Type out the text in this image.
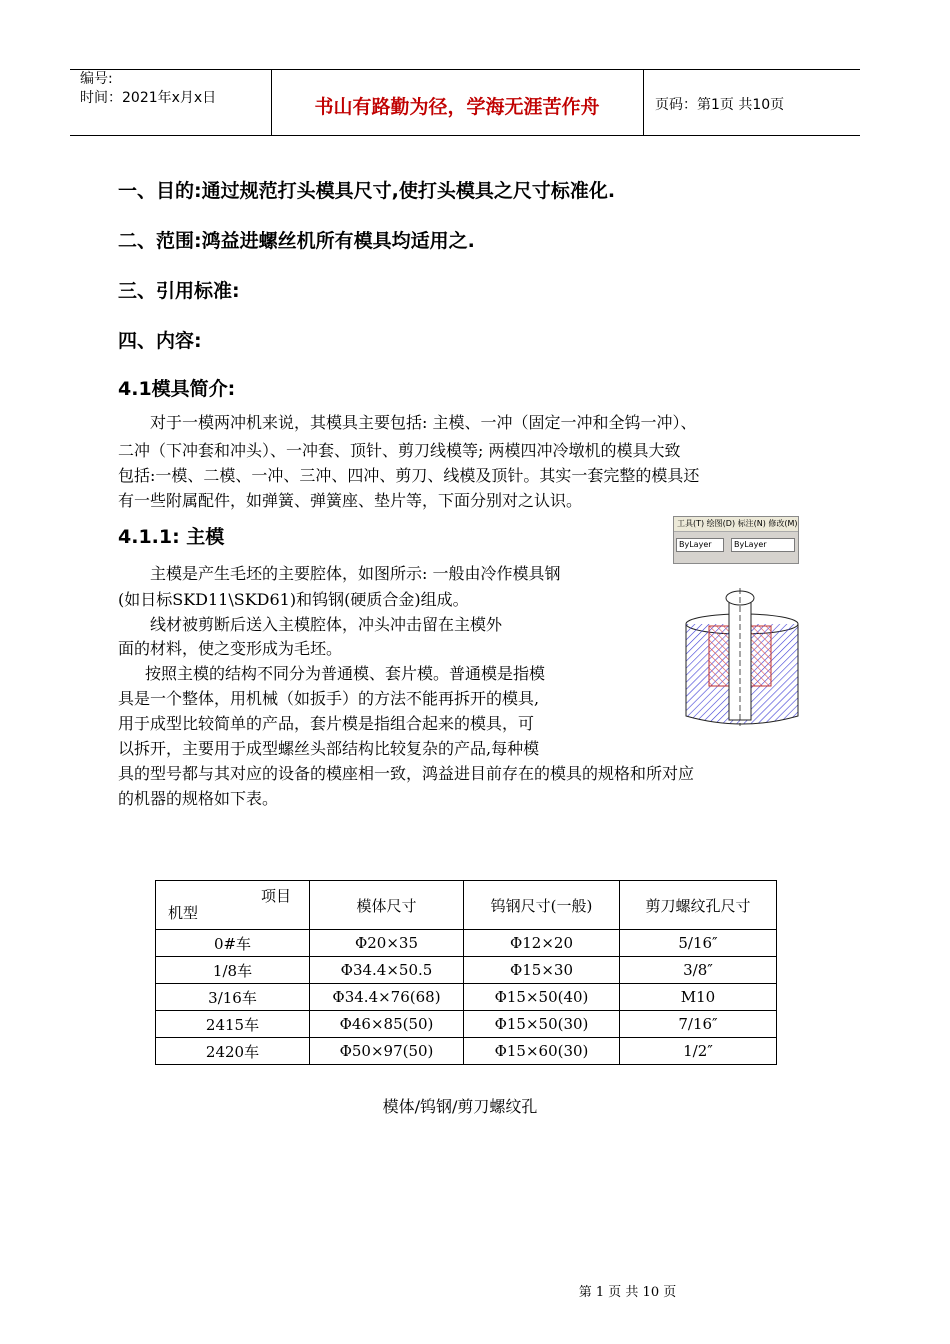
编号:
时间：2021年x月x日	书山有路勤为径，学海无涯苦作舟	页码：第1页 共10页
一、目的:通过规范打头模具尺寸,使打头模具之尺寸标准化.
二、范围:鸿益进螺丝机所有模具均适用之.
三、引用标准:
四、内容:
4.1模具简介:
对于一模两冲机来说，其模具主要包括: 主模、一冲（固定一冲和全钨一冲）、
二冲（下冲套和冲头）、一冲套、顶针、剪刀线模等; 两模四冲冷墩机的模具大致
包括:一模、二模、一冲、三冲、四冲、剪刀、线模及顶针。其实一套完整的模具还
有一些附属配件，如弹簧、弹簧座、垫片等，下面分别对之认识。
4.1.1: 主模
主模是产生毛坯的主要腔体，如图所示: 一般由冷作模具钢
(如日标SKD11\SKD61)和钨钢(硬质合金)组成。
线材被剪断后送入主模腔体，冲头冲击留在主模外
面的材料，使之变形成为毛坯。
按照主模的结构不同分为普通模、套片模。普通模是指模
具是一个整体，用机械（如扳手）的方法不能再拆开的模具,
用于成型比较简单的产品，套片模是指组合起来的模具，可
以拆开，主要用于成型螺丝头部结构比较复杂的产品,每种模
具的型号都与其对应的设备的模座相一致，鸿益进目前存在的模具的规格和所对应
的机器的规格如下表。
工具(T) 绘图(D) 标注(N) 修改(M)
ByLayer	ByLayer
项目
机型	模体尺寸	钨钢尺寸(一般)	剪刀螺纹孔尺寸
0#车	Φ20×35	Φ12×20	5/16″
1/8车	Φ34.4×50.5	Φ15×30	3/8″
3/16车	Φ34.4×76(68)	Φ15×50(40)	M10
2415车	Φ46×85(50)	Φ15×50(30)	7/16″
2420车	Φ50×97(50)	Φ15×60(30)	1/2″
模体/钨钢/剪刀螺纹孔
第 1 页 共 10 页
